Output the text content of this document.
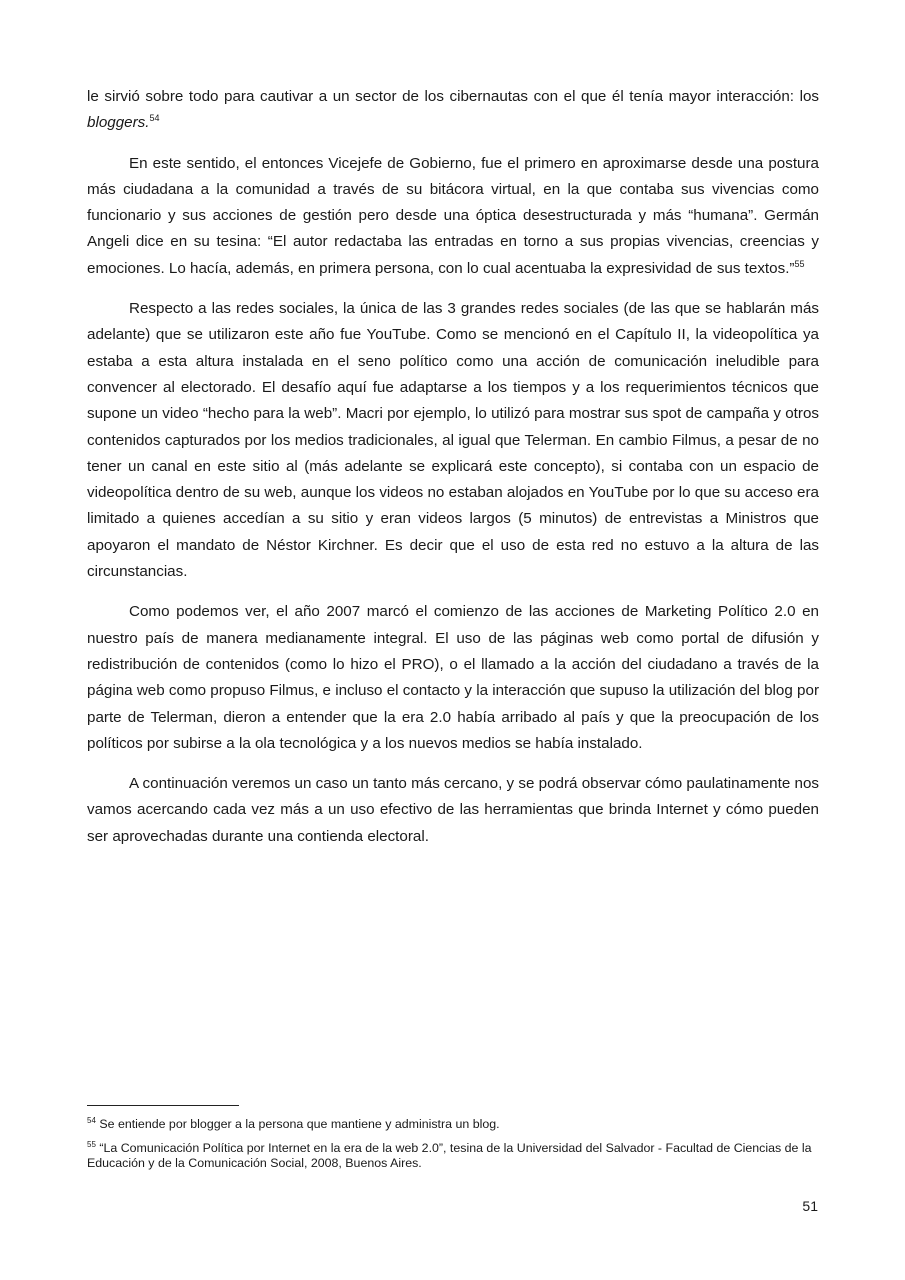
le sirvió sobre todo para cautivar a un sector de los cibernautas con el que él tenía mayor interacción: los bloggers.$^{54}$

En este sentido, el entonces Vicejefe de Gobierno, fue el primero en aproximarse desde una postura más ciudadana a la comunidad a través de su bitácora virtual, en la que contaba sus vivencias como funcionario y sus acciones de gestión pero desde una óptica desestructurada y más “humana”. Germán Angeli dice en su tesina: “El autor redactaba las entradas en torno a sus propias vivencias, creencias y emociones. Lo hacía, además, en primera persona, con lo cual acentuaba la expresividad de sus textos.”$^{55}$

Respecto a las redes sociales, la única de las 3 grandes redes sociales (de las que se hablarán más adelante) que se utilizaron este año fue YouTube. Como se mencionó en el Capítulo II, la videopolítica ya estaba a esta altura instalada en el seno político como una acción de comunicación ineludible para convencer al electorado. El desafío aquí fue adaptarse a los tiempos y a los requerimientos técnicos que supone un video “hecho para la web”. Macri por ejemplo, lo utilizó para mostrar sus spot de campaña y otros contenidos capturados por los medios tradicionales, al igual que Telerman. En cambio Filmus, a pesar de no tener un canal en este sitio al (más adelante se explicará este concepto), si contaba con un espacio de videopolítica dentro de su web, aunque los videos no estaban alojados en YouTube por lo que su acceso era limitado a quienes accedían a su sitio y eran videos largos (5 minutos) de entrevistas a Ministros que apoyaron el mandato de Néstor Kirchner. Es decir que el uso de esta red no estuvo a la altura de las circunstancias.

Como podemos ver, el año 2007 marcó el comienzo de las acciones de Marketing Político 2.0 en nuestro país de manera medianamente integral. El uso de las páginas web como portal de difusión y redistribución de contenidos (como lo hizo el PRO), o el llamado a la acción del ciudadano a través de la página web como propuso Filmus, e incluso el contacto y la interacción que supuso la utilización del blog por parte de Telerman, dieron a entender que la era 2.0 había arribado al país y que la preocupación de los políticos por subirse a la ola tecnológica y a los nuevos medios se había instalado.

A continuación veremos un caso un tanto más cercano, y se podrá observar cómo paulatinamente nos vamos acercando cada vez más a un uso efectivo de las herramientas que brinda Internet y cómo pueden ser aprovechadas durante una contienda electoral.

$^{54}$ Se entiende por blogger a la persona que mantiene y administra un blog.

$^{55}$ “La Comunicación Política por Internet en la era de la web 2.0”, tesina de la Universidad del Salvador - Facultad de Ciencias de la Educación y de la Comunicación Social, 2008, Buenos Aires.

51
